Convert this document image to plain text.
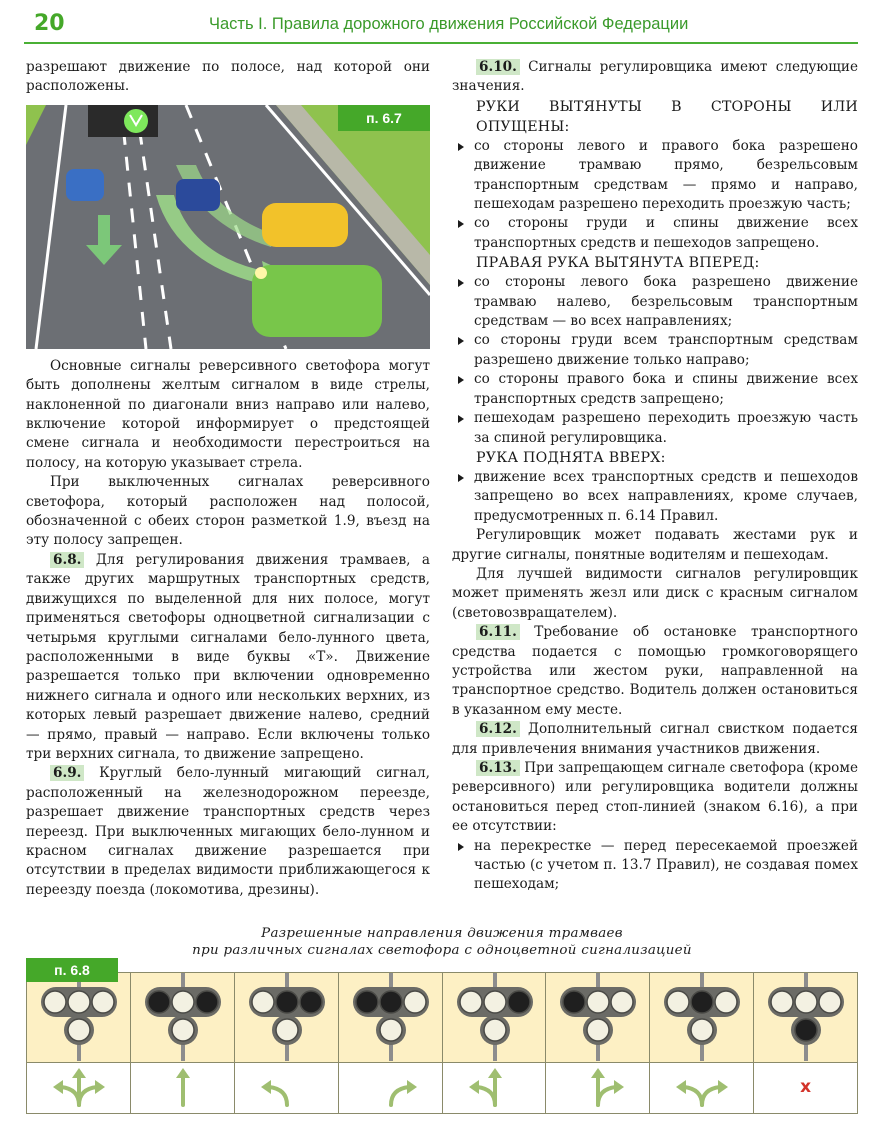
20	Часть I. Правила дорожного движения Российской Федерации

разрешают движение по полосе, над которой они расположены.

п. 6.7

Основные сигналы реверсивного светофора могут быть дополнены желтым сигналом в виде стрелы, наклоненной по диагонали вниз направо или налево, включение которой информирует о предстоящей смене сигнала и необходимости перестроиться на полосу, на которую указывает стрела.

При выключенных сигналах реверсивного светофора, который расположен над полосой, обозначенной с обеих сторон разметкой 1.9, въезд на эту полосу запрещен.

6.8. Для регулирования движения трамваев, а также других маршрутных транспортных средств, движущихся по выделенной для них полосе, могут применяться светофоры одноцветной сигнализации с четырьмя круглыми сигналами бело-лунного цвета, расположенными в виде буквы «Т». Движение разрешается только при включении одновременно нижнего сигнала и одного или нескольких верхних, из которых левый разрешает движение налево, средний — прямо, правый — направо. Если включены только три верхних сигнала, то движение запрещено.

6.9. Круглый бело-лунный мигающий сигнал, расположенный на железнодорожном переезде, разрешает движение транспортных средств через переезд. При выключенных мигающих бело-лунном и красном сигналах движение разрешается при отсутствии в пределах видимости приближающегося к переезду поезда (локомотива, дрезины).

6.10. Сигналы регулировщика имеют следующие значения.

РУКИ ВЫТЯНУТЫ В СТОРОНЫ ИЛИ ОПУЩЕНЫ:

со стороны левого и правого бока разрешено движение трамваю прямо, безрельсовым транспортным средствам — прямо и направо, пешеходам разрешено переходить проезжую часть;
со стороны груди и спины движение всех транспортных средств и пешеходов запрещено.

ПРАВАЯ РУКА ВЫТЯНУТА ВПЕРЕД:

со стороны левого бока разрешено движение трамваю налево, безрельсовым транспортным средствам — во всех направлениях;
со стороны груди всем транспортным средствам разрешено движение только направо;
со стороны правого бока и спины движение всех транспортных средств запрещено;
пешеходам разрешено переходить проезжую часть за спиной регулировщика.

РУКА ПОДНЯТА ВВЕРХ:

движение всех транспортных средств и пешеходов запрещено во всех направлениях, кроме случаев, предусмотренных п. 6.14 Правил.

Регулировщик может подавать жестами рук и другие сигналы, понятные водителям и пешеходам.

Для лучшей видимости сигналов регулировщик может применять жезл или диск с красным сигналом (световозвращателем).

6.11. Требование об остановке транспортного средства подается с помощью громкоговорящего устройства или жестом руки, направленной на транспортное средство. Водитель должен остановиться в указанном ему месте.

6.12. Дополнительный сигнал свистком подается для привлечения внимания участников движения.

6.13. При запрещающем сигнале светофора (кроме реверсивного) или регулировщика водители должны остановиться перед стоп-линией (знаком 6.16), а при ее отсутствии:

на перекрестке — перед пересекаемой проезжей частью (с учетом п. 13.7 Правил), не создавая помех пешеходам;
Разрешенные направления движения трамваев
при различных сигналах светофора с одноцветной сигнализацией
x
п. 6.8
